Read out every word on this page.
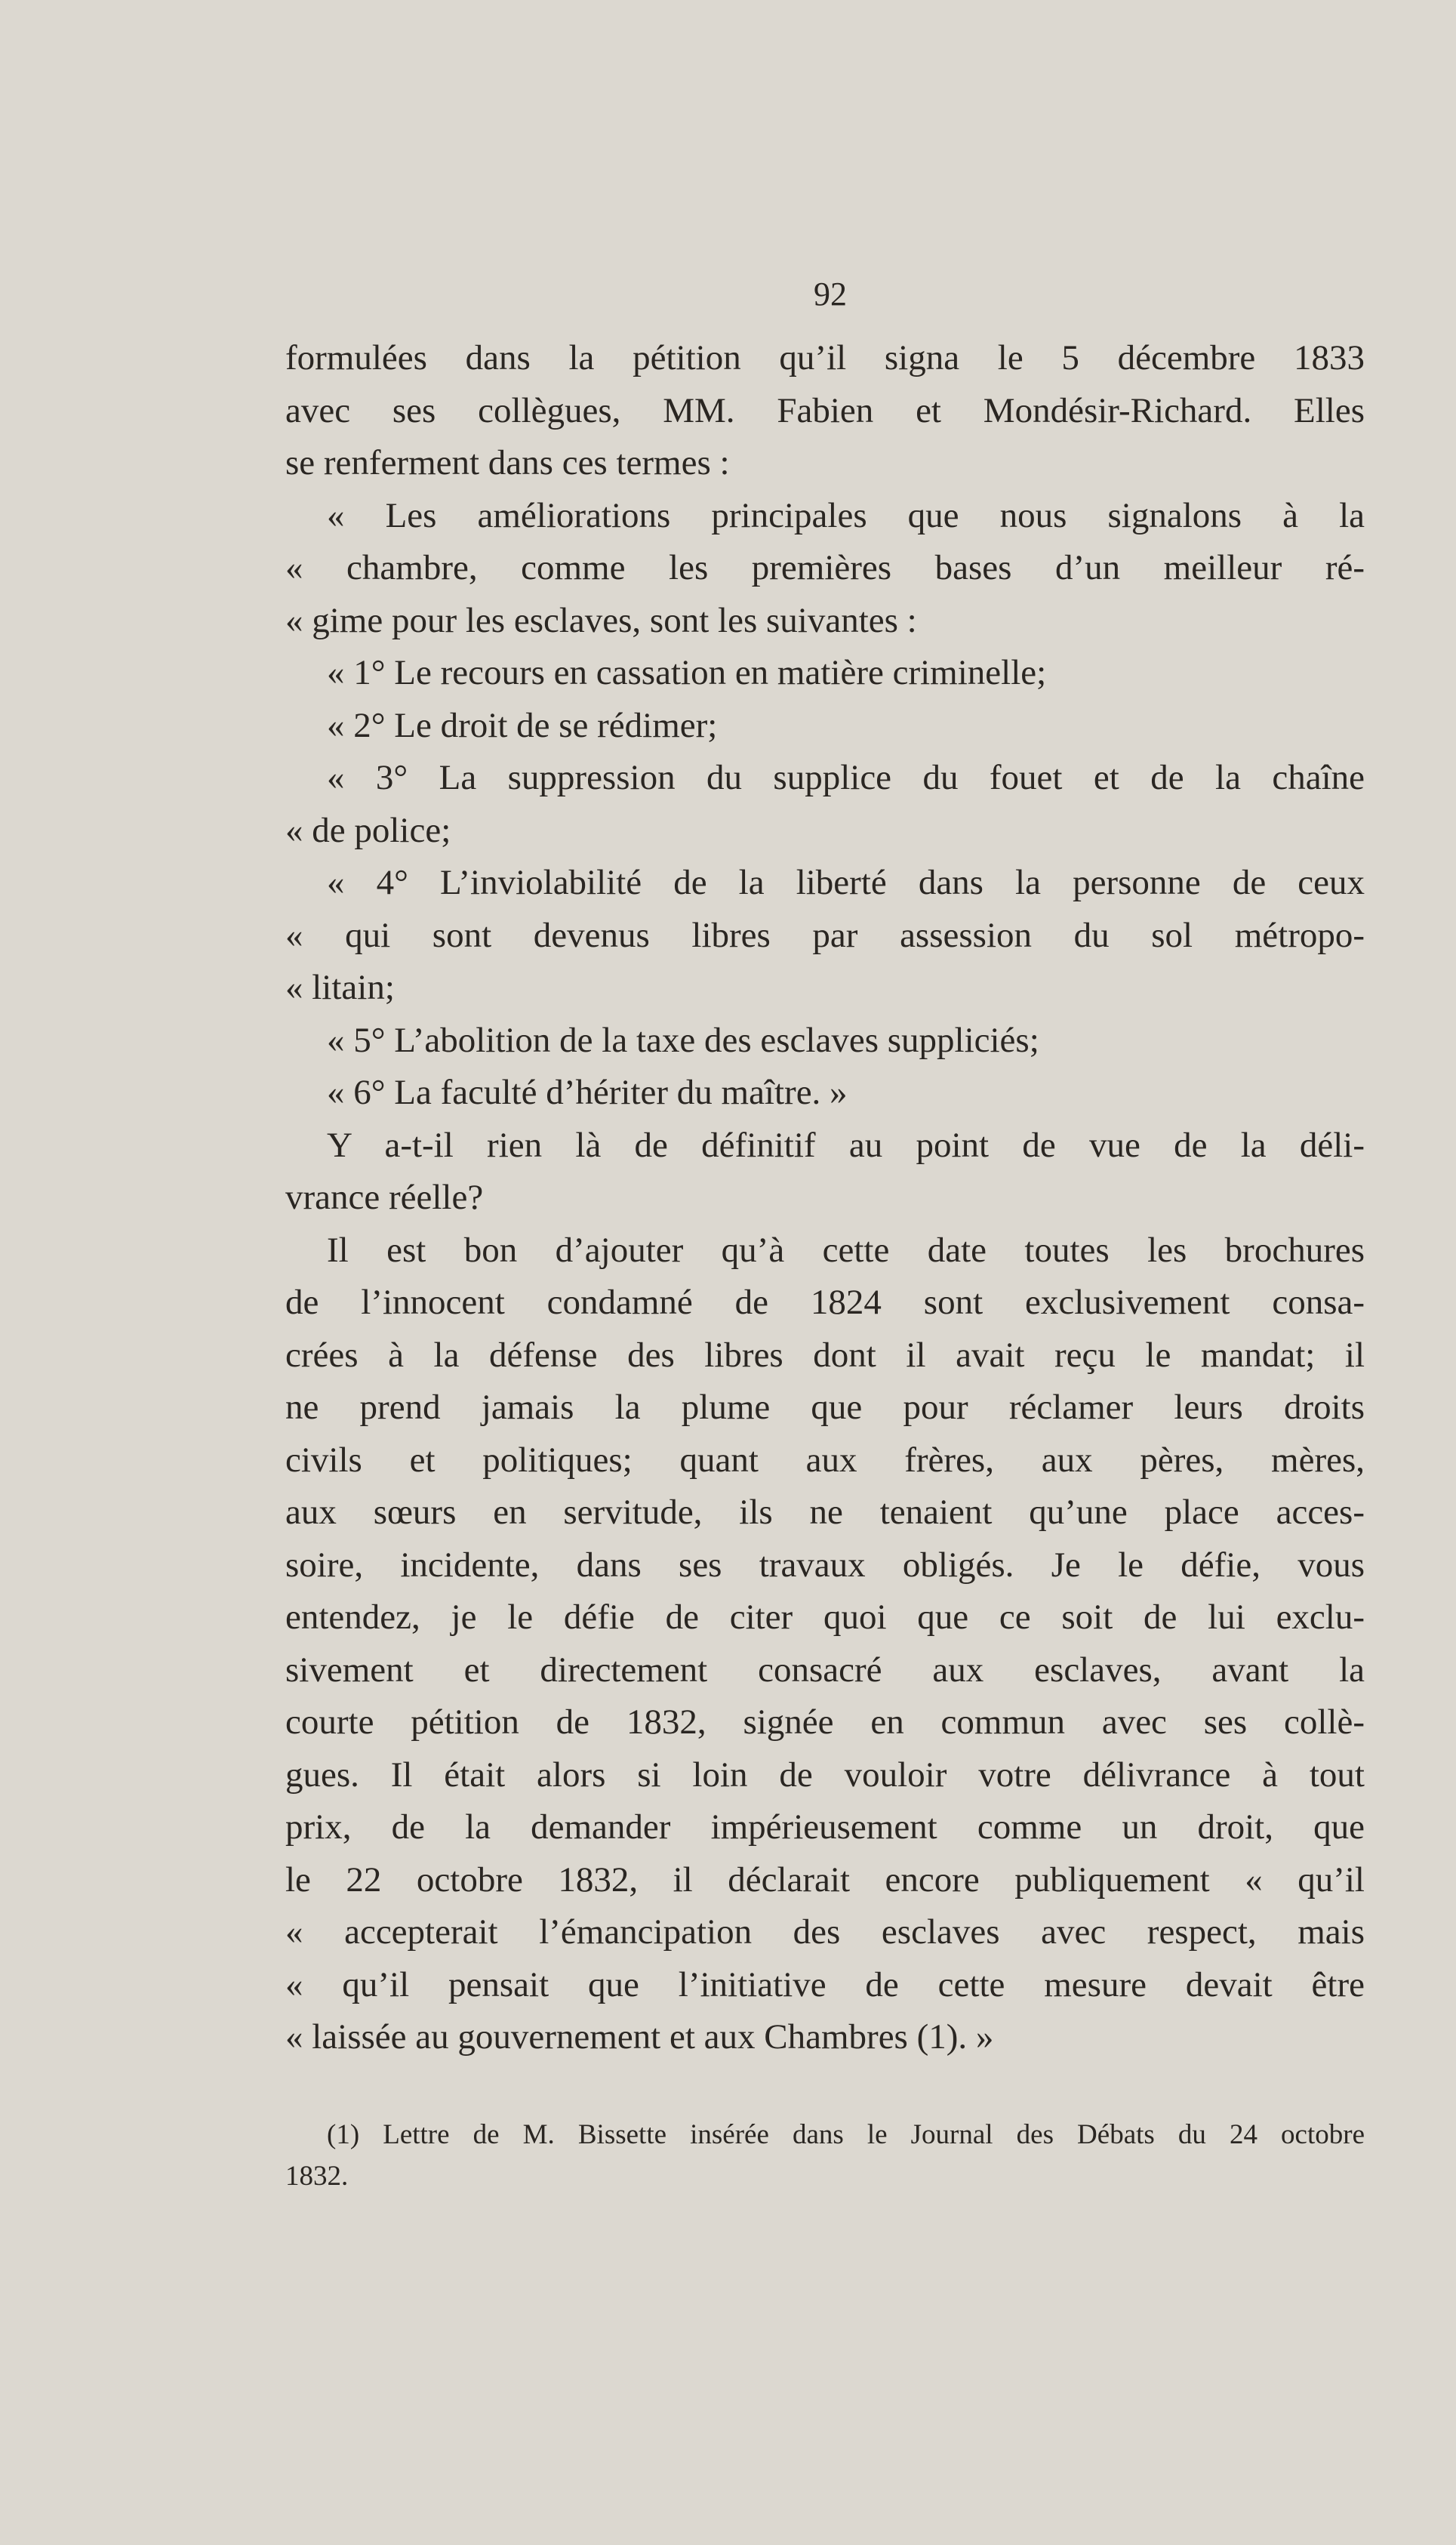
92
formulées dans la pétition qu’il signa le 5 décembre 1833
avec ses collègues, MM. Fabien et Mondésir-Richard. Elles
se renferment dans ces termes :
« Les améliorations principales que nous signalons à la
« chambre, comme les premières bases d’un meilleur ré-
« gime pour les esclaves, sont les suivantes :
« 1° Le recours en cassation en matière criminelle;
« 2° Le droit de se rédimer;
« 3° La suppression du supplice du fouet et de la chaîne
« de police;
« 4° L’inviolabilité de la liberté dans la personne de ceux
« qui sont devenus libres par assession du sol métropo-
« litain;
« 5° L’abolition de la taxe des esclaves suppliciés;
« 6° La faculté d’hériter du maître. »
Y a-t-il rien là de définitif au point de vue de la déli-
vrance réelle?
Il est bon d’ajouter qu’à cette date toutes les brochures
de l’innocent condamné de 1824 sont exclusivement consa-
crées à la défense des libres dont il avait reçu le mandat; il
ne prend jamais la plume que pour réclamer leurs droits
civils et politiques; quant aux frères, aux pères, mères,
aux sœurs en servitude, ils ne tenaient qu’une place acces-
soire, incidente, dans ses travaux obligés. Je le défie, vous
entendez, je le défie de citer quoi que ce soit de lui exclu-
sivement et directement consacré aux esclaves, avant la
courte pétition de 1832, signée en commun avec ses collè-
gues. Il était alors si loin de vouloir votre délivrance à tout
prix, de la demander impérieusement comme un droit, que
le 22 octobre 1832, il déclarait encore publiquement « qu’il
« accepterait l’émancipation des esclaves avec respect, mais
« qu’il pensait que l’initiative de cette mesure devait être
« laissée au gouvernement et aux Chambres (1). »
(1) Lettre de M. Bissette insérée dans le Journal des Débats du 24 octobre
1832.
